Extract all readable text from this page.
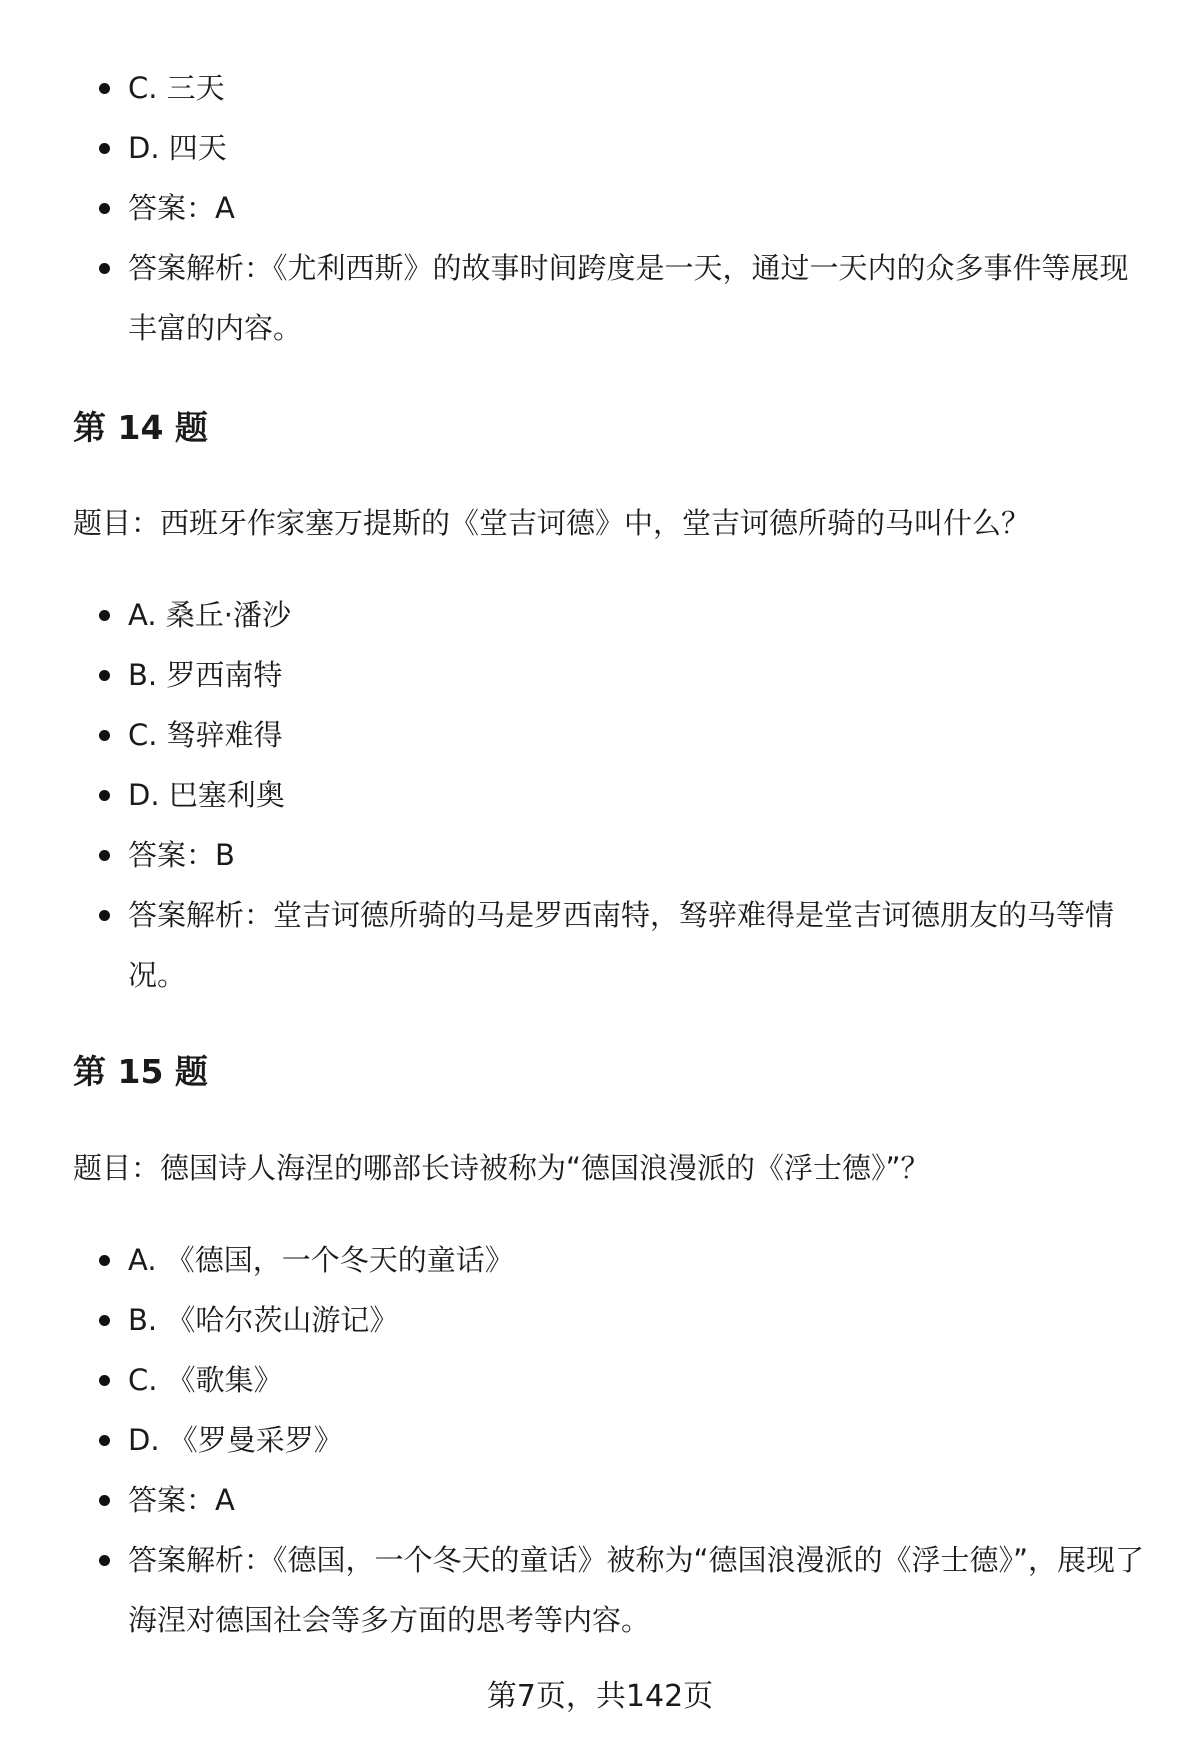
C. 三天
D. 四天
答案：A
答案解析：《尤利西斯》的故事时间跨度是一天，通过一天内的众多事件等展现丰富的内容。
第 14 题

题目：西班牙作家塞万提斯的《堂吉诃德》中，堂吉诃德所骑的马叫什么？

A. 桑丘·潘沙
B. 罗西南特
C. 驽骍难得
D. 巴塞利奥
答案：B
答案解析：堂吉诃德所骑的马是罗西南特，驽骍难得是堂吉诃德朋友的马等情况。
第 15 题

题目：德国诗人海涅的哪部长诗被称为“德国浪漫派的《浮士德》”？

A. 《德国，一个冬天的童话》
B. 《哈尔茨山游记》
C. 《歌集》
D. 《罗曼采罗》
答案：A
答案解析：《德国，一个冬天的童话》被称为“德国浪漫派的《浮士德》”，展现了海涅对德国社会等多方面的思考等内容。
第7页，共142页
